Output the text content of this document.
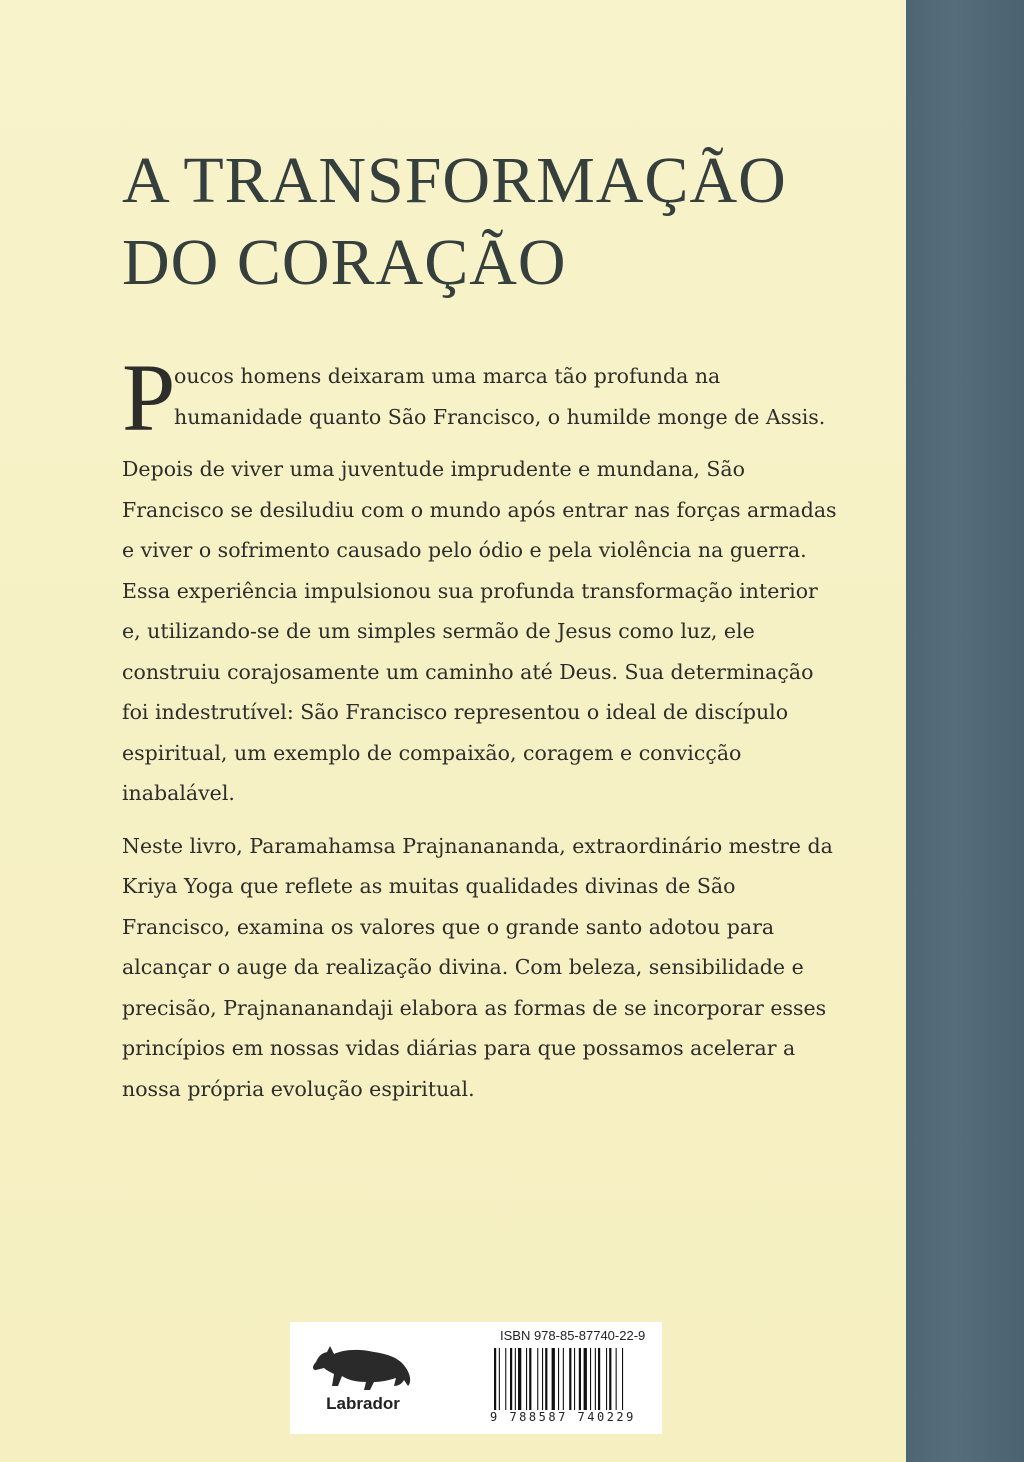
A TRANSFORMAÇÃO
DO CORAÇÃO

P
oucos homens deixaram uma marca tão profunda na
humanidade quanto São Francisco, o humilde monge de Assis.

Depois de viver uma juventude imprudente e mundana, São Francisco se desiludiu com o mundo após entrar nas forças armadas e viver o sofrimento causado pelo ódio e pela violência na guerra. Essa experiência impulsionou sua profunda transformação interior e, utilizando-se de um simples sermão de Jesus como luz, ele construiu corajosamente um caminho até Deus. Sua determinação foi indestrutível: São Francisco representou o ideal de discípulo espiritual, um exemplo de compaixão, coragem e convicção inabalável.

Neste livro, Paramahamsa Prajnanananda, extraordinário mestre da Kriya Yoga que reflete as muitas qualidades divinas de São Francisco, examina os valores que o grande santo adotou para alcançar o auge da realização divina. Com beleza, sensibilidade e precisão, Prajnananandaji elabora as formas de se incorporar esses princípios em nossas vidas diárias para que possamos acelerar a nossa própria evolução espiritual.

Labrador
ISBN 978-85-87740-22-9
9 788587 740229
